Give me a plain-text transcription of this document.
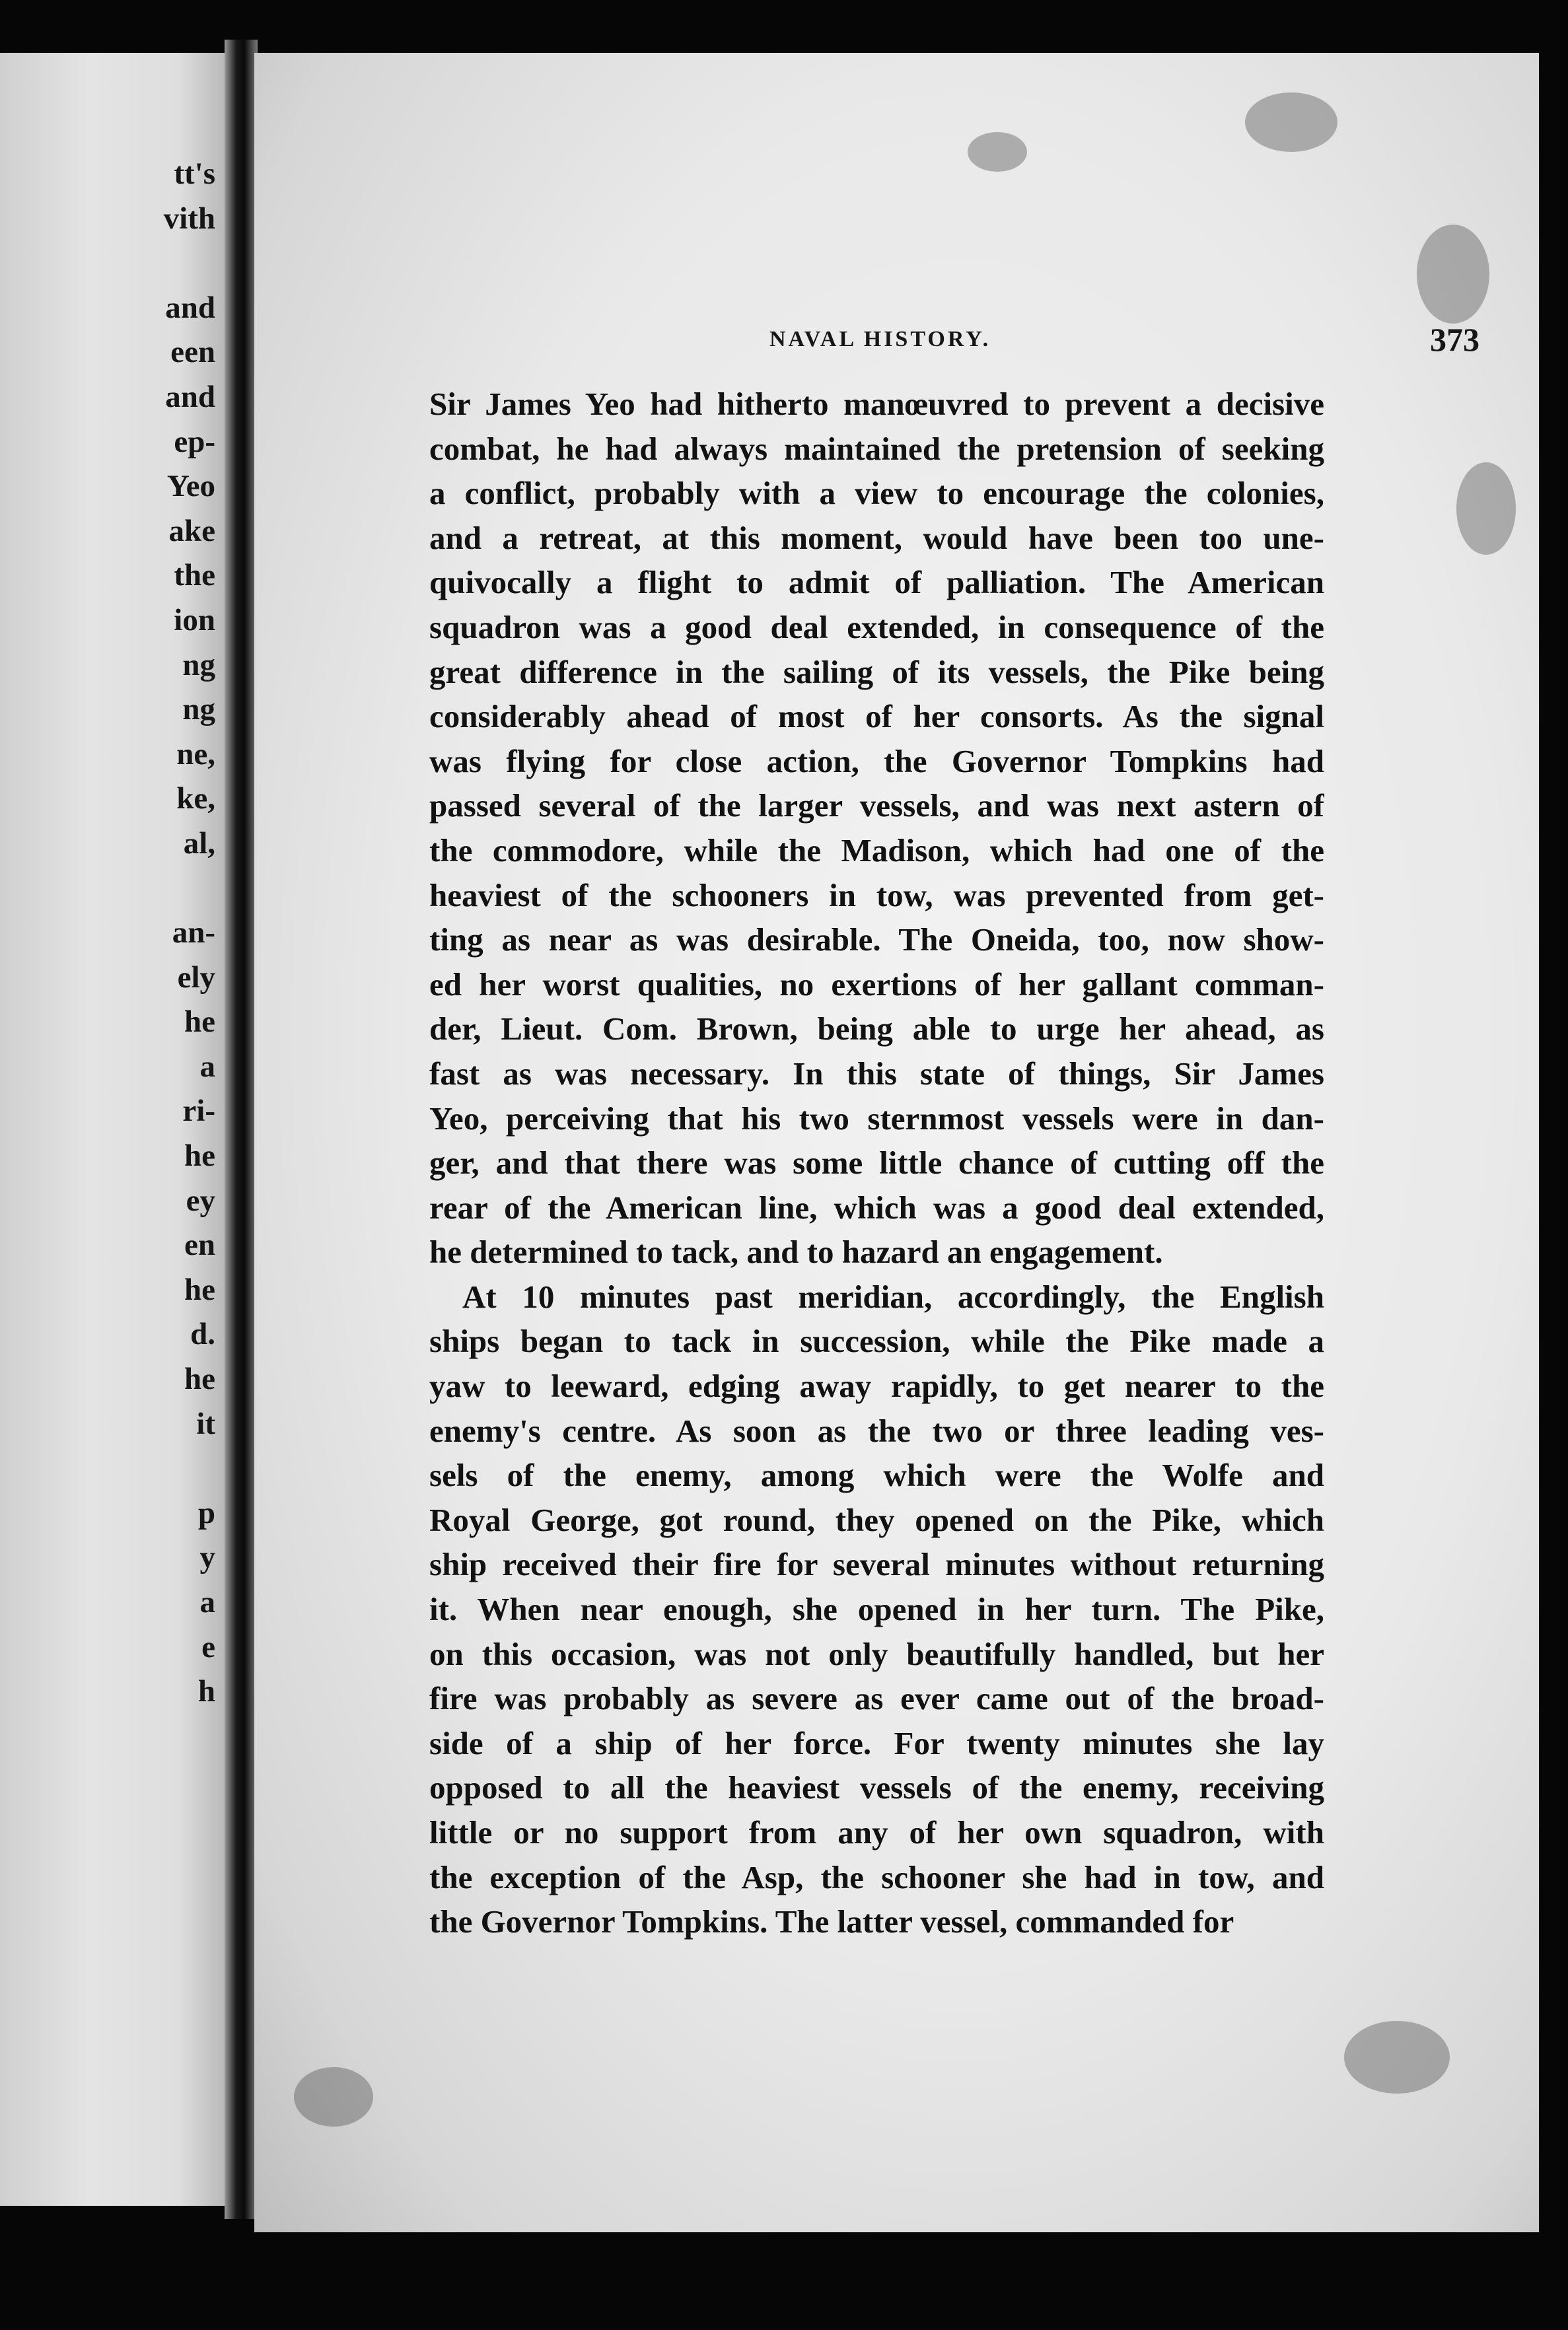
tt's
vith
and
een
and
ep-
Yeo
ake
the
ion
ng
ng
ne,
ke,
al,
an-
ely
he
a
ri-
he
ey
en
he
d.
he
it
p
y
a
e
h
NAVAL HISTORY.	373
Sir James Yeo had hitherto manœuvred to prevent a decisive
combat, he had always maintained the pretension of seeking
a conflict, probably with a view to encourage the colonies,
and a retreat, at this moment, would have been too une-
quivocally a flight to admit of palliation. The American
squadron was a good deal extended, in consequence of the
great difference in the sailing of its vessels, the Pike being
considerably ahead of most of her consorts. As the signal
was flying for close action, the Governor Tompkins had
passed several of the larger vessels, and was next astern of
the commodore, while the Madison, which had one of the
heaviest of the schooners in tow, was prevented from get-
ting as near as was desirable. The Oneida, too, now show-
ed her worst qualities, no exertions of her gallant comman-
der, Lieut. Com. Brown, being able to urge her ahead, as
fast as was necessary. In this state of things, Sir James
Yeo, perceiving that his two sternmost vessels were in dan-
ger, and that there was some little chance of cutting off the
rear of the American line, which was a good deal extended,
he determined to tack, and to hazard an engagement.
At 10 minutes past meridian, accordingly, the English
ships began to tack in succession, while the Pike made a
yaw to leeward, edging away rapidly, to get nearer to the
enemy's centre. As soon as the two or three leading ves-
sels of the enemy, among which were the Wolfe and
Royal George, got round, they opened on the Pike, which
ship received their fire for several minutes without returning
it. When near enough, she opened in her turn. The Pike,
on this occasion, was not only beautifully handled, but her
fire was probably as severe as ever came out of the broad-
side of a ship of her force. For twenty minutes she lay
opposed to all the heaviest vessels of the enemy, receiving
little or no support from any of her own squadron, with
the exception of the Asp, the schooner she had in tow, and
the Governor Tompkins. The latter vessel, commanded for
